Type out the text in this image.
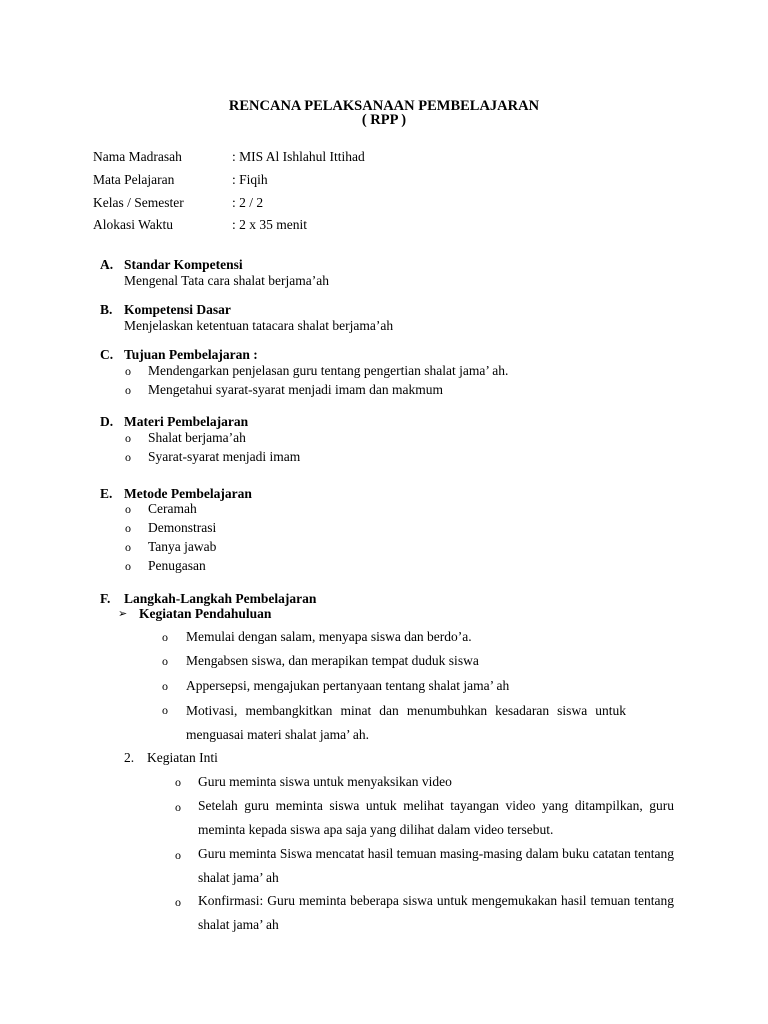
RENCANA PELAKSANAAN PEMBELAJARAN
( RPP )
Nama Madrasah	: MIS Al Ishlahul Ittihad
Mata Pelajaran	: Fiqih
Kelas / Semester	: 2 / 2
Alokasi Waktu	: 2 x 35 menit
A. Standar Kompetensi
Mengenal Tata cara shalat berjama’ah
B. Kompetensi Dasar
Menjelaskan ketentuan tatacara shalat berjama’ah
C. Tujuan Pembelajaran :
o Mendengarkan penjelasan guru tentang pengertian shalat jama’ ah.
o Mengetahui syarat-syarat menjadi imam dan makmum
D. Materi Pembelajaran
o Shalat berjama’ah
o Syarat-syarat menjadi imam
E. Metode Pembelajaran
o Ceramah
o Demonstrasi
o Tanya jawab
o Penugasan
F. Langkah-Langkah Pembelajaran
➢ Kegiatan Pendahuluan
o Memulai dengan salam, menyapa siswa dan berdo’a.
o Mengabsen siswa, dan merapikan tempat duduk siswa
o Appersepsi, mengajukan pertanyaan tentang shalat jama’ ah
o Motivasi, membangkitkan minat dan menumbuhkan kesadaran siswa untuk menguasai materi shalat jama’ ah.
2. Kegiatan Inti
o Guru meminta siswa untuk menyaksikan video
o Setelah guru meminta siswa untuk melihat tayangan video yang ditampilkan, guru meminta kepada siswa apa saja yang dilihat dalam video tersebut.
o Guru meminta Siswa mencatat hasil temuan masing-masing dalam buku catatan tentang shalat jama’ ah
o Konfirmasi: Guru meminta beberapa siswa untuk mengemukakan hasil temuan tentang shalat jama’ ah
